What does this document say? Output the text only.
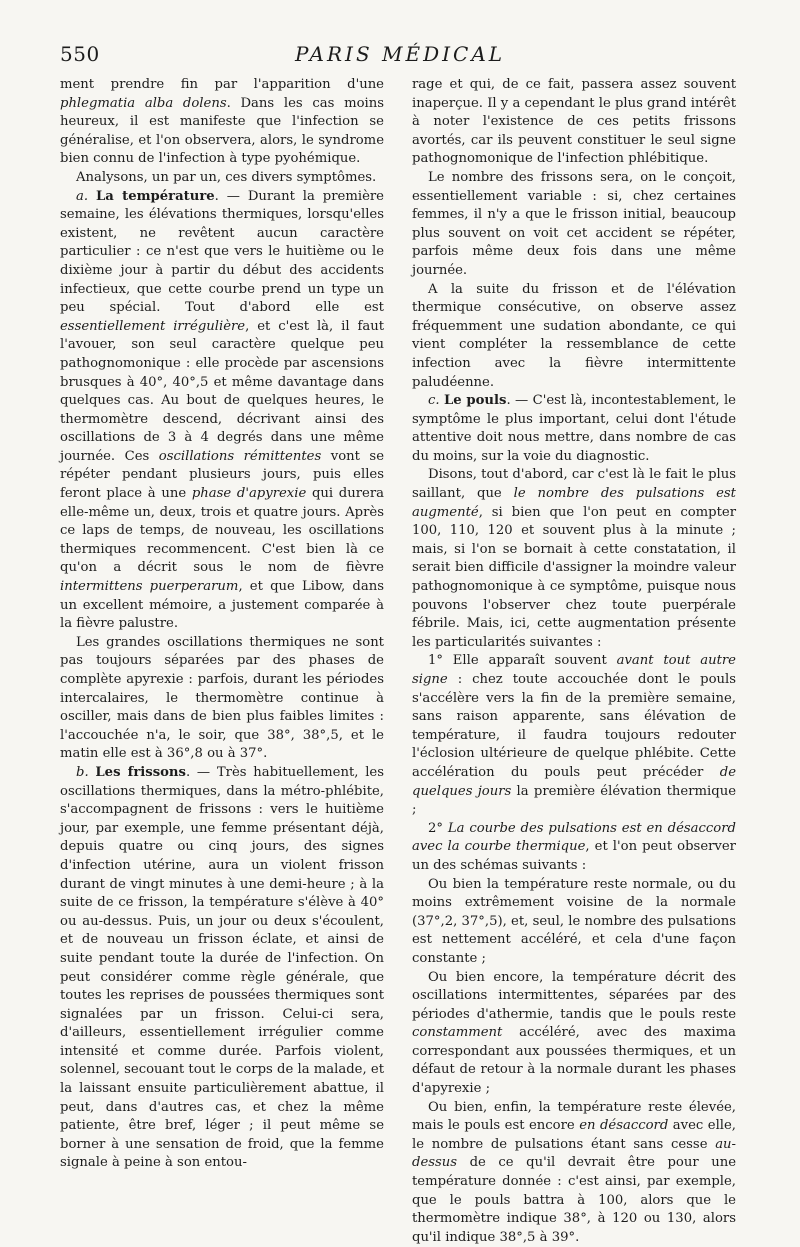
550	PARIS MÉDICAL

ment prendre fin par l'apparition d'une phlegmatia alba dolens. Dans les cas moins heureux, il est manifeste que l'infection se généralise, et l'on observera, alors, le syndrome bien connu de l'infection à type pyohémique.

Analysons, un par un, ces divers symptômes.

a. La température. — Durant la première semaine, les élévations thermiques, lorsqu'elles existent, ne revêtent aucun caractère particulier : ce n'est que vers le huitième ou le dixième jour à partir du début des accidents infectieux, que cette courbe prend un type un peu spécial. Tout d'abord elle est essentiellement irrégulière, et c'est là, il faut l'avouer, son seul caractère quelque peu pathognomonique : elle procède par ascensions brusques à 40°, 40°,5 et même davantage dans quelques cas. Au bout de quelques heures, le thermomètre descend, décrivant ainsi des oscillations de 3 à 4 degrés dans une même journée. Ces oscillations rémittentes vont se répéter pendant plusieurs jours, puis elles feront place à une phase d'apyrexie qui durera elle-même un, deux, trois et quatre jours. Après ce laps de temps, de nouveau, les oscillations thermiques recommencent. C'est bien là ce qu'on a décrit sous le nom de fièvre intermittens puerperarum, et que Libow, dans un excellent mémoire, a justement comparée à la fièvre palustre.

Les grandes oscillations thermiques ne sont pas toujours séparées par des phases de complète apyrexie : parfois, durant les périodes intercalaires, le thermomètre continue à osciller, mais dans de bien plus faibles limites : l'accouchée n'a, le soir, que 38°, 38°,5, et le matin elle est à 36°,8 ou à 37°.

b. Les frissons. — Très habituellement, les oscillations thermiques, dans la métro-phlébite, s'accompagnent de frissons : vers le huitième jour, par exemple, une femme présentant déjà, depuis quatre ou cinq jours, des signes d'infection utérine, aura un violent frisson durant de vingt minutes à une demi-heure ; à la suite de ce frisson, la température s'élève à 40° ou au-dessus. Puis, un jour ou deux s'écoulent, et de nouveau un frisson éclate, et ainsi de suite pendant toute la durée de l'infection. On peut considérer comme règle générale, que toutes les reprises de poussées thermiques sont signalées par un frisson. Celui-ci sera, d'ailleurs, essentiellement irrégulier comme intensité et comme durée. Parfois violent, solennel, secouant tout le corps de la malade, et la laissant ensuite particulièrement abattue, il peut, dans d'autres cas, et chez la même patiente, être bref, léger ; il peut même se borner à une sensation de froid, que la femme signale à peine à son entou-

rage et qui, de ce fait, passera assez souvent inaperçue. Il y a cependant le plus grand intérêt à noter l'existence de ces petits frissons avortés, car ils peuvent constituer le seul signe pathognomonique de l'infection phlébitique.

Le nombre des frissons sera, on le conçoit, essentiellement variable : si, chez certaines femmes, il n'y a que le frisson initial, beaucoup plus souvent on voit cet accident se répéter, parfois même deux fois dans une même journée.

A la suite du frisson et de l'élévation thermique consécutive, on observe assez fréquemment une sudation abondante, ce qui vient compléter la ressemblance de cette infection avec la fièvre intermittente paludéenne.

c. Le pouls. — C'est là, incontestablement, le symptôme le plus important, celui dont l'étude attentive doit nous mettre, dans nombre de cas du moins, sur la voie du diagnostic.

Disons, tout d'abord, car c'est là le fait le plus saillant, que le nombre des pulsations est augmenté, si bien que l'on peut en compter 100, 110, 120 et souvent plus à la minute ; mais, si l'on se bornait à cette constatation, il serait bien difficile d'assigner la moindre valeur pathognomonique à ce symptôme, puisque nous pouvons l'observer chez toute puerpérale fébrile. Mais, ici, cette augmentation présente les particularités suivantes :

1° Elle apparaît souvent avant tout autre signe : chez toute accouchée dont le pouls s'accélère vers la fin de la première semaine, sans raison apparente, sans élévation de température, il faudra toujours redouter l'éclosion ultérieure de quelque phlébite. Cette accélération du pouls peut précéder de quelques jours la première élévation thermique ;

2° La courbe des pulsations est en désaccord avec la courbe thermique, et l'on peut observer un des schémas suivants :

Ou bien la température reste normale, ou du moins extrêmement voisine de la normale (37°,2, 37°,5), et, seul, le nombre des pulsations est nettement accéléré, et cela d'une façon constante ;

Ou bien encore, la température décrit des oscillations intermittentes, séparées par des périodes d'athermie, tandis que le pouls reste constamment accéléré, avec des maxima correspondant aux poussées thermiques, et un défaut de retour à la normale durant les phases d'apyrexie ;

Ou bien, enfin, la température reste élevée, mais le pouls est encore en désaccord avec elle, le nombre de pulsations étant sans cesse au-dessus de ce qu'il devrait être pour une température donnée : c'est ainsi, par exemple, que le pouls battra à 100, alors que le thermomètre indique 38°, à 120 ou 130, alors qu'il indique 38°,5 à 39°.
